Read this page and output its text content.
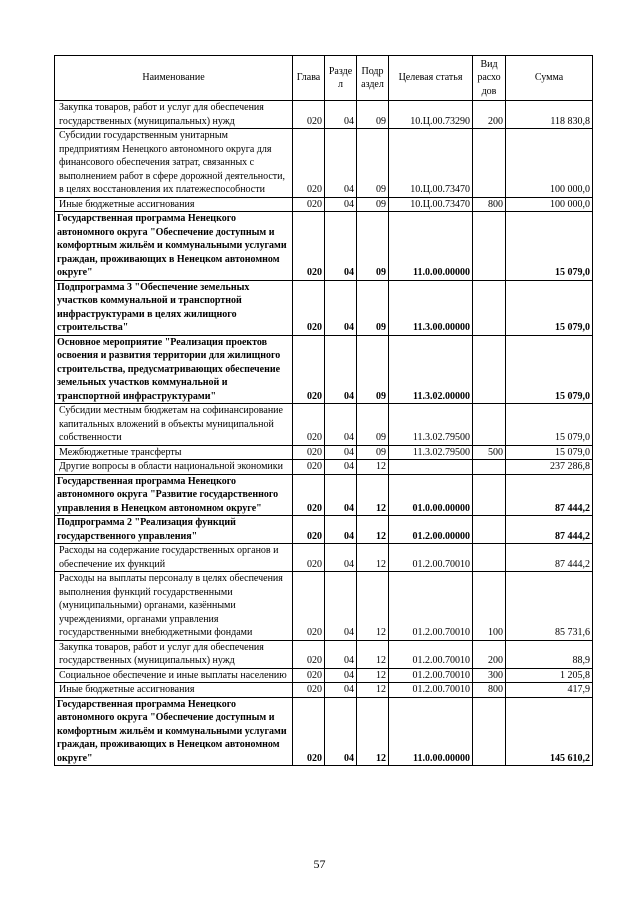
Наименование	Глава	Разде л	Подр аздел	Целевая статья	Вид расхо дов	Сумма
Закупка товаров, работ и услуг для обеспечения государственных (муниципальных) нужд	020	04	09	10.Ц.00.73290	200	118 830,8
Субсидии государственным унитарным предприятиям Ненецкого автономного округа для финансового обеспечения затрат, связанных с выполнением работ в сфере дорожной деятельности, в целях восстановления их платежеспособности	020	04	09	10.Ц.00.73470		100 000,0
Иные бюджетные ассигнования	020	04	09	10.Ц.00.73470	800	100 000,0
Государственная программа Ненецкого автономного округа "Обеспечение доступным и комфортным жильём и коммунальными услугами граждан, проживающих в Ненецком автономном округе"	020	04	09	11.0.00.00000		15 079,0
Подпрограмма 3 "Обеспечение земельных участков коммунальной и транспортной инфраструктурами в целях жилищного строительства"	020	04	09	11.3.00.00000		15 079,0
Основное мероприятие "Реализация проектов освоения и развития территории для жилищного строительства, предусматривающих обеспечение земельных участков коммунальной и транспортной инфраструктурами"	020	04	09	11.3.02.00000		15 079,0
Субсидии местным бюджетам на софинансирование капитальных вложений в объекты муниципальной собственности	020	04	09	11.3.02.79500		15 079,0
Межбюджетные трансферты	020	04	09	11.3.02.79500	500	15 079,0
Другие вопросы в области национальной экономики	020	04	12			237 286,8
Государственная программа Ненецкого автономного округа "Развитие государственного управления в Ненецком автономном округе"	020	04	12	01.0.00.00000		87 444,2
Подпрограмма 2 "Реализация функций государственного управления"	020	04	12	01.2.00.00000		87 444,2
Расходы на содержание государственных органов и обеспечение их функций	020	04	12	01.2.00.70010		87 444,2
Расходы на выплаты персоналу в целях обеспечения выполнения функций государственными (муниципальными) органами, казёнными учреждениями, органами управления государственными внебюджетными фондами	020	04	12	01.2.00.70010	100	85 731,6
Закупка товаров, работ и услуг для обеспечения государственных (муниципальных) нужд	020	04	12	01.2.00.70010	200	88,9
Социальное обеспечение и иные выплаты населению	020	04	12	01.2.00.70010	300	1 205,8
Иные бюджетные ассигнования	020	04	12	01.2.00.70010	800	417,9
Государственная программа Ненецкого автономного округа "Обеспечение доступным и комфортным жильём и коммунальными услугами граждан, проживающих в Ненецком автономном округе"	020	04	12	11.0.00.00000		145 610,2
57
